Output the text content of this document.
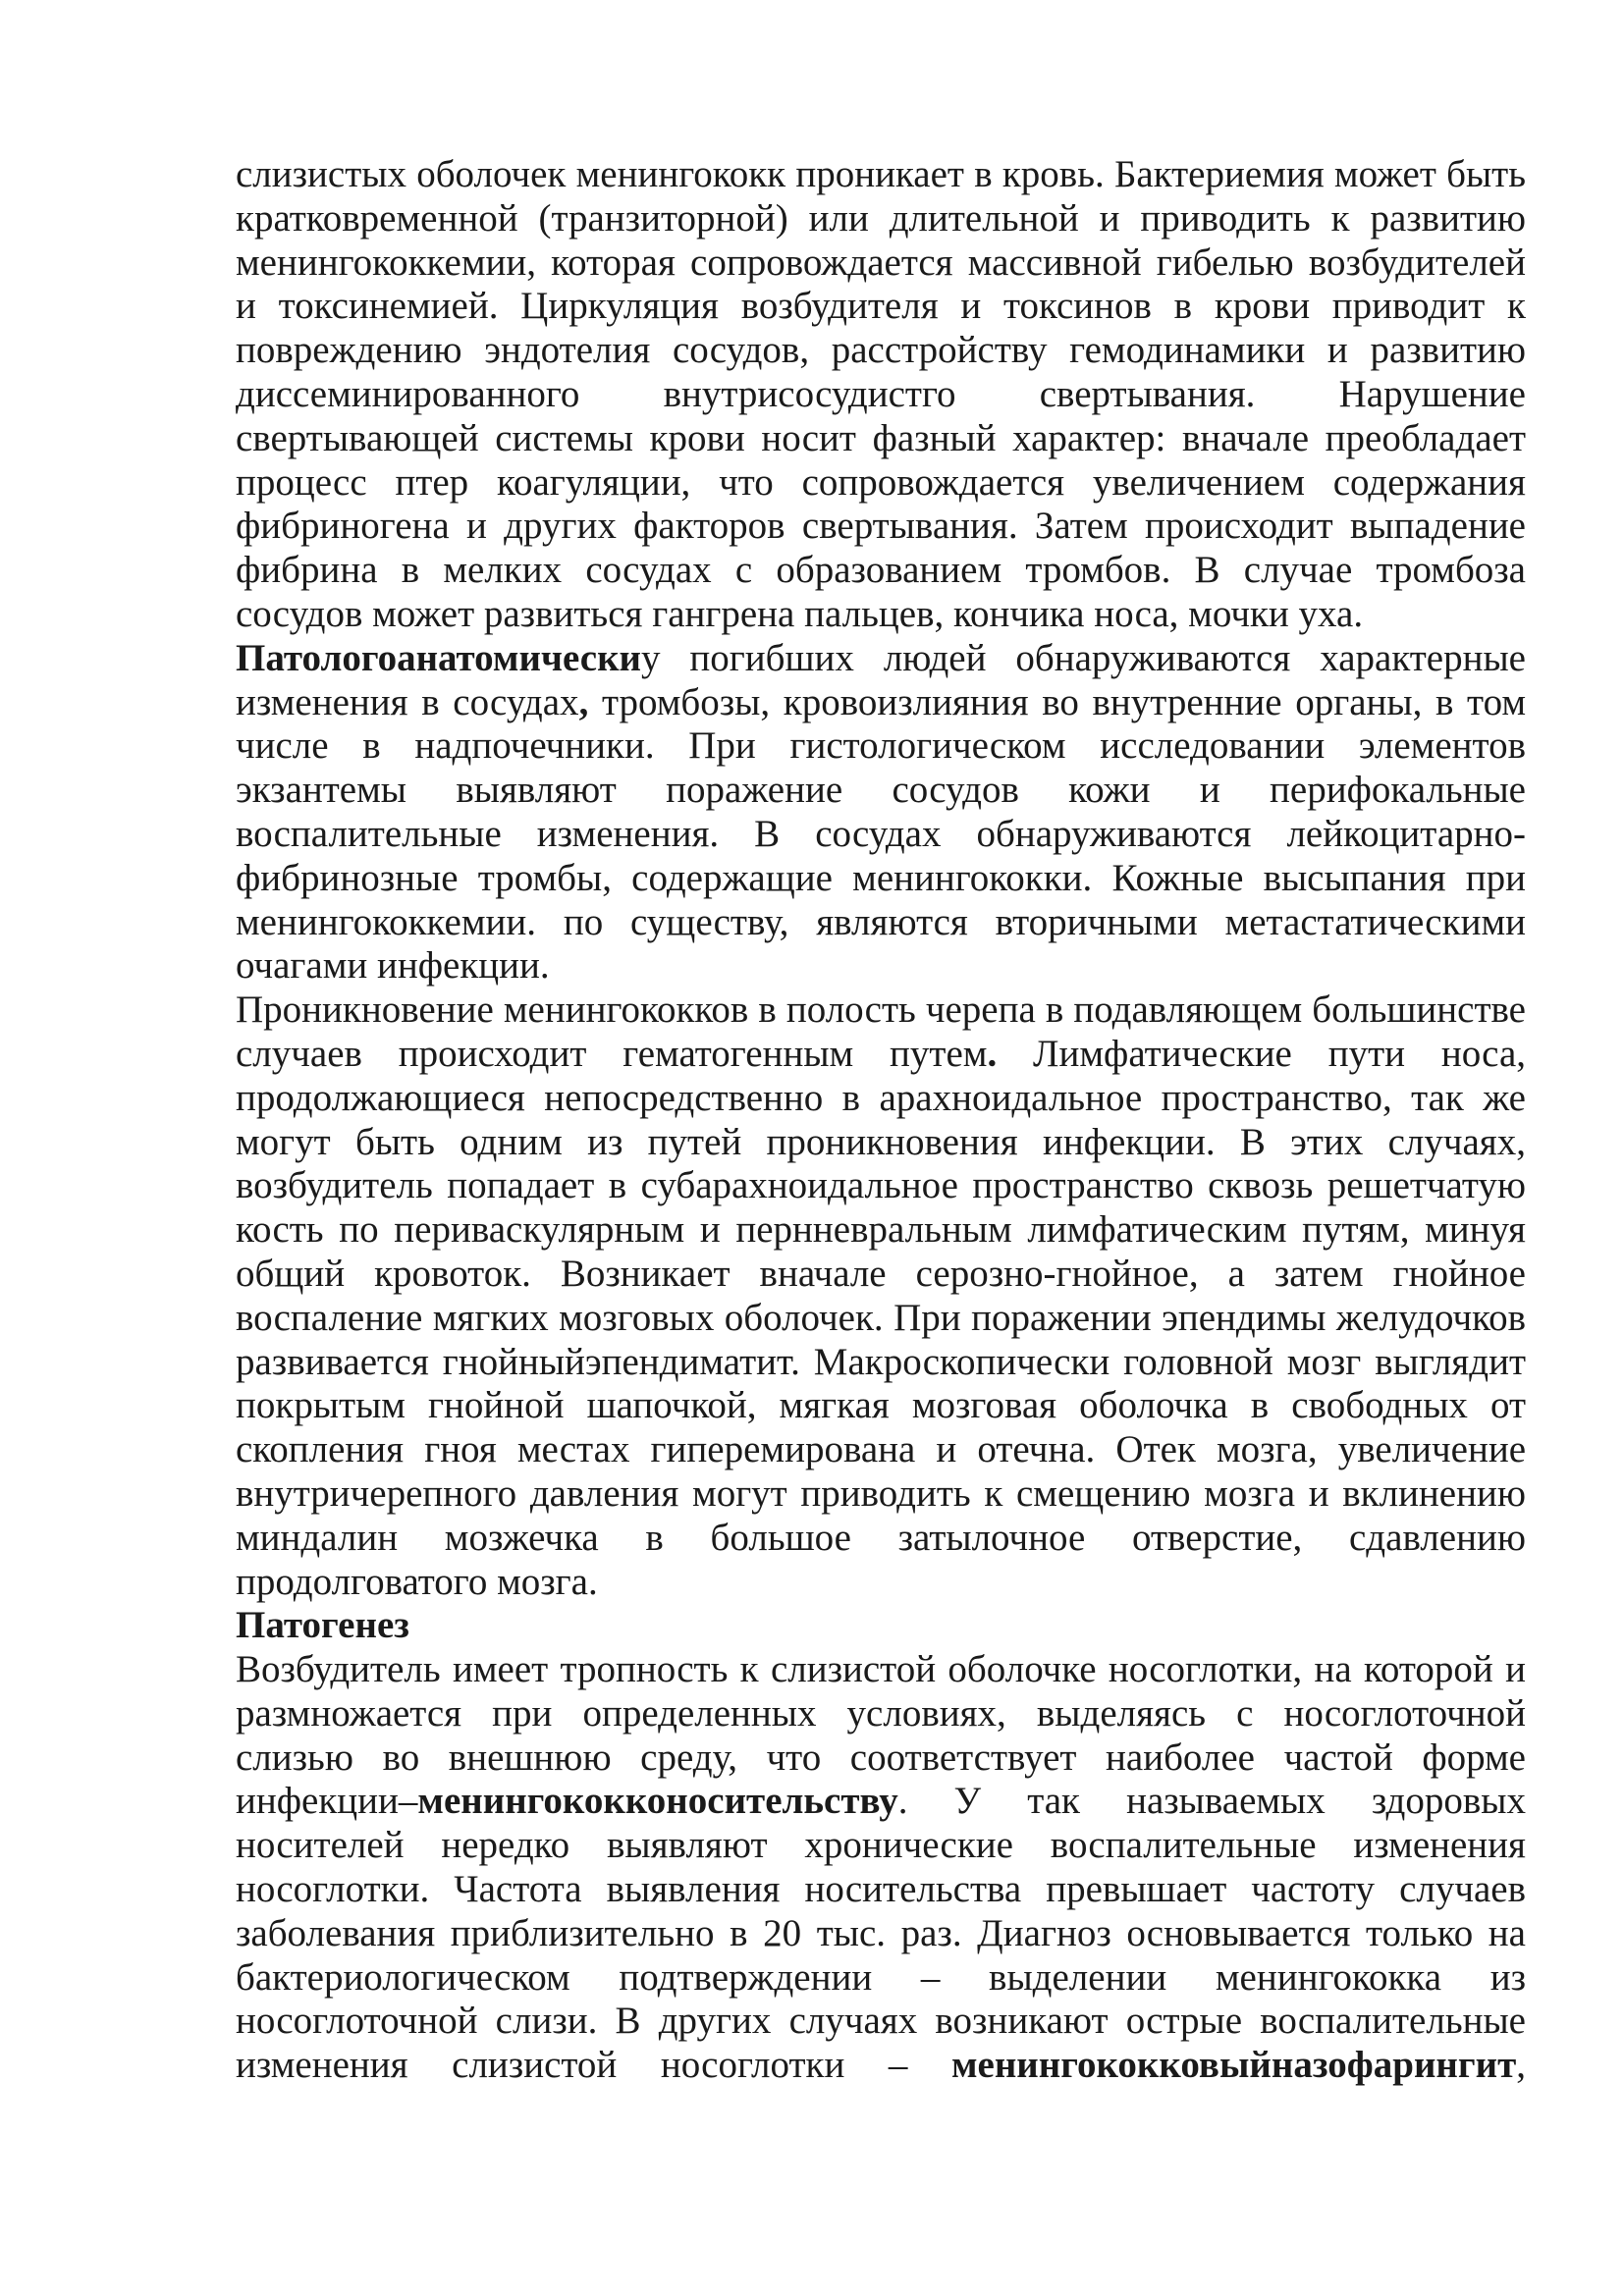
слизистых оболочек менингококк проникает в кровь. Бактериемия может быть кратковременной (транзиторной) или длительной и приводить к развитию менингококкемии, которая сопровождается массивной гибелью возбудителей и токсинемией. Циркуляция возбудителя и токсинов в крови приводит к повреждению эндотелия сосудов, расстройству гемодинамики и развитию диссеминированного внутрисосудистго свертывания. Нарушение свертывающей системы крови носит фазный характер: вначале преобладает процесс птер коагуляции, что сопровождается увеличением содержания фибриногена и других факторов свертывания. Затем происходит выпадение фибрина в мелких сосудах с образованием тромбов. В случае тромбоза сосудов может развиться гангрена пальцев, кончика носа, мочки уха.

Патологоанатомическиу погибших людей обнаруживаются характерные изменения в сосудах, тромбозы, кровоизлияния во внутренние органы, в том числе в надпочечники. При гистологическом исследовании элементов экзантемы выявляют поражение сосудов кожи и перифокальные воспалительные изменения. В сосудах обнаруживаются лейкоцитарно-фибринозные тромбы, содержащие менингококки. Кожные высыпания при менингококкемии. по существу, являются вторичными метастатическими очагами инфекции.

Проникновение менингококков в полость черепа в подавляющем большинстве случаев происходит гематогенным путем. Лимфатические пути носа, продолжающиеся непосредственно в арахноидальное пространство, так же могут быть одним из путей проникновения инфекции. В этих случаях, возбудитель попадает в субарахноидальное пространство сквозь решетчатую кость по периваскулярным и пернневральным лимфатическим путям, минуя общий кровоток. Возникает вначале серозно-гнойное, а затем гнойное воспаление мягких мозговых оболочек. При поражении эпендимы желудочков развивается гнойныйэпендиматит. Макроскопически головной мозг выглядит покрытым гнойной шапочкой, мягкая мозговая оболочка в свободных от скопления гноя местах гиперемирована и отечна. Отек мозга, увеличение внутричерепного давления могут приводить к смещению мозга и вклинению миндалин мозжечка в большое затылочное отверстие, сдавлению продолговатого мозга.

Патогенез

Возбудитель имеет тропность к слизистой оболочке носоглотки, на которой и размножается при определенных условиях, выделяясь с носоглоточной слизью во внешнюю среду, что соответствует наиболее частой форме инфекции–менингококконосительству. У так называемых здоровых носителей нередко выявляют хронические воспалительные изменения носоглотки. Частота выявления носительства превышает частоту случаев заболевания приблизительно в 20 тыс. раз. Диагноз основывается только на бактериологическом подтверждении – выделении менингококка из носоглоточной слизи. В других случаях возникают острые воспалительные изменения слизистой носоглотки – менингококковыйназофарингит,
